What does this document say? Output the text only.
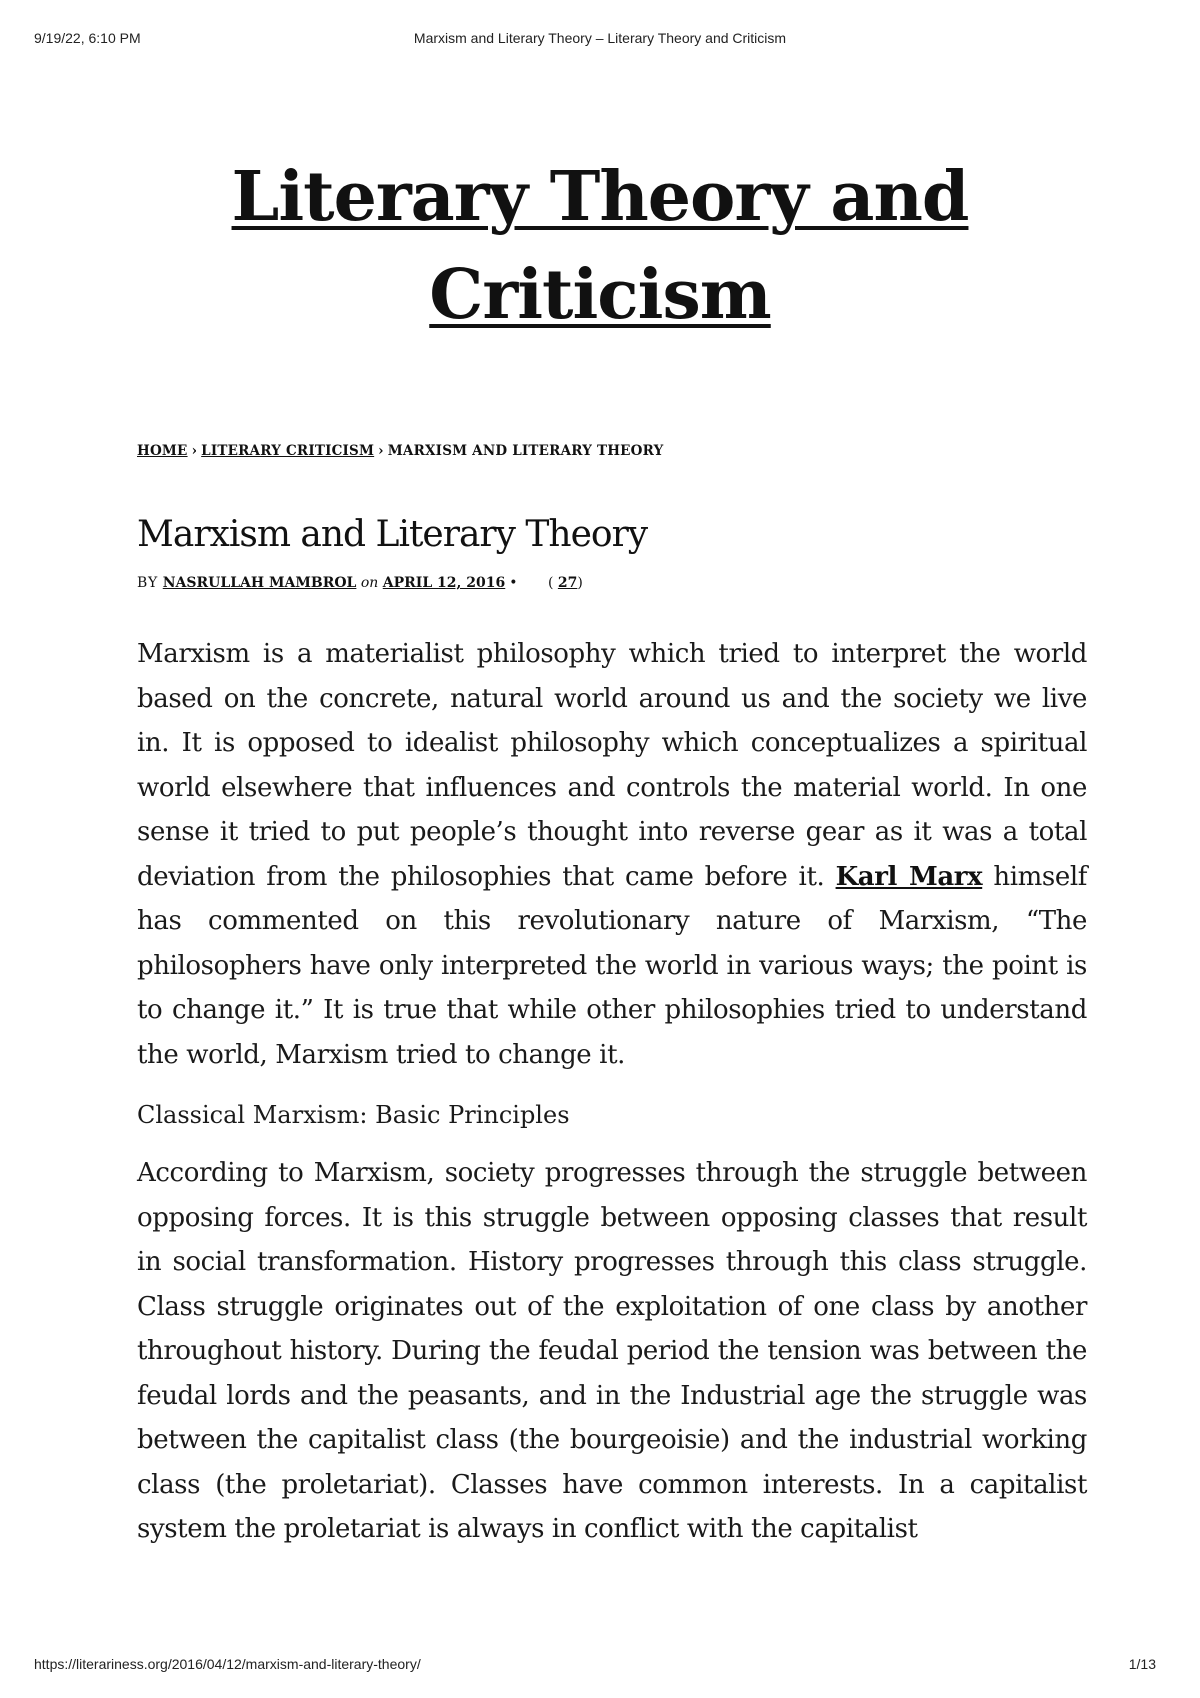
9/19/22, 6:10 PM	Marxism and Literary Theory – Literary Theory and Criticism
Literary Theory and
Criticism
HOME › LITERARY CRITICISM › MARXISM AND LITERARY THEORY
Marxism and Literary Theory
BY NASRULLAH MAMBROL on APRIL 12, 2016 • ( 27)

Marxism is a materialist philosophy which tried to interpret the world based on the concrete, natural world around us and the society we live in. It is opposed to idealist philosophy which conceptualizes a spiritual world elsewhere that influences and controls the material world. In one sense it tried to put people’s thought into reverse gear as it was a total deviation from the philosophies that came before it. Karl Marx himself has commented on this revolutionary nature of Marxism, “The philosophers have only interpreted the world in various ways; the point is to change it.” It is true that while other philosophies tried to understand the world, Marxism tried to change it.

Classical Marxism: Basic Principles

According to Marxism, society progresses through the struggle between opposing forces. It is this struggle between opposing classes that result in social transformation. History progresses through this class struggle. Class struggle originates out of the exploitation of one class by another throughout history. During the feudal period the tension was between the feudal lords and the peasants, and in the Industrial age the struggle was between the capitalist class (the bourgeoisie) and the industrial working class (the proletariat). Classes have common interests. In a capitalist system the proletariat is always in conflict with the capitalist

https://literariness.org/2016/04/12/marxism-and-literary-theory/	1/13
